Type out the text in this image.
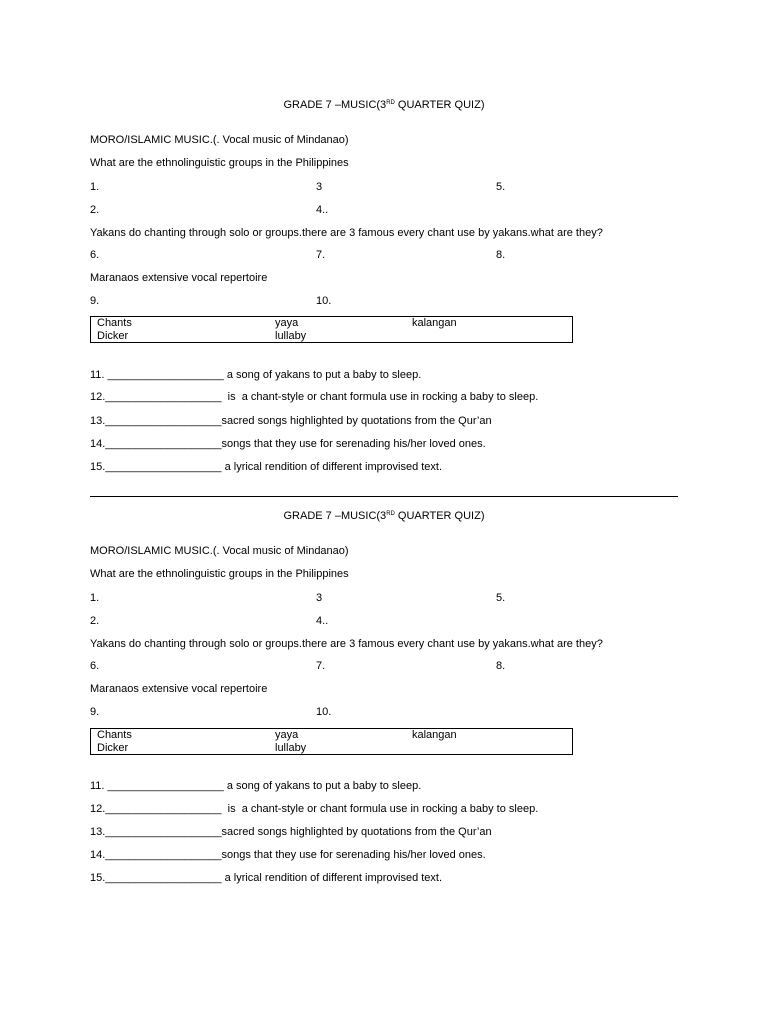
GRADE 7 –MUSIC(3RD QUARTER QUIZ)
MORO/ISLAMIC MUSIC.(. Vocal music of Mindanao)
What are the ethnolinguistic groups in the Philippines
1.	3	5.
2.	4..
Yakans do chanting through solo or groups.there are 3 famous every chant use by yakans.what are they?
6.	7.	8.
Maranaos extensive vocal repertoire
9.	10.
Chants	yaya	kalangan
Dicker	lullaby
11. ___________________ a song of yakans to put a baby to sleep.
12.___________________  is  a chant-style or chant formula use in rocking a baby to sleep.
13.___________________sacred songs highlighted by quotations from the Qur’an
14.___________________songs that they use for serenading his/her loved ones.
15.___________________ a lyrical rendition of different improvised text.
GRADE 7 –MUSIC(3RD QUARTER QUIZ)
MORO/ISLAMIC MUSIC.(. Vocal music of Mindanao)
What are the ethnolinguistic groups in the Philippines
1.	3	5.
2.	4..
Yakans do chanting through solo or groups.there are 3 famous every chant use by yakans.what are they?
6.	7.	8.
Maranaos extensive vocal repertoire
9.	10.
Chants	yaya	kalangan
Dicker	lullaby
11. ___________________ a song of yakans to put a baby to sleep.
12.___________________  is  a chant-style or chant formula use in rocking a baby to sleep.
13.___________________sacred songs highlighted by quotations from the Qur’an
14.___________________songs that they use for serenading his/her loved ones.
15.___________________ a lyrical rendition of different improvised text.
